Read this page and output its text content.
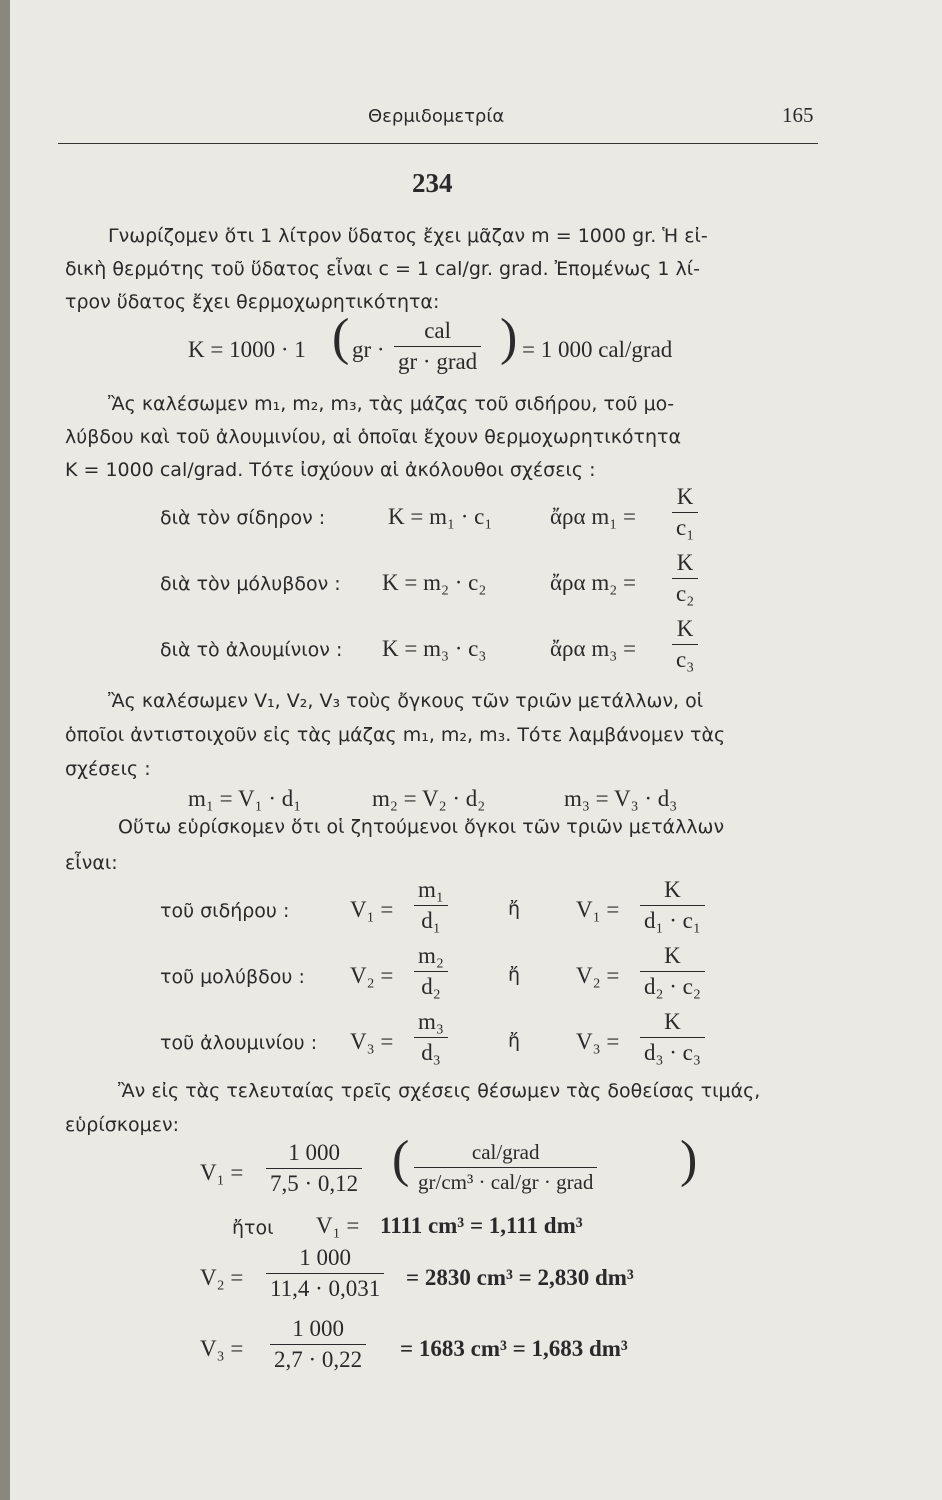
Θερμιδομετρία	165
234
Γνωρίζομεν ὅτι 1 λίτρον ὕδατος ἔχει μᾶζαν m = 1000 gr. Ἡ εἰ-
δικὴ θερμότης τοῦ ὕδατος εἶναι c = 1 cal/gr. grad. Ἐπομένως 1 λί-
τρον ὕδατος ἔχει θερμοχωρητικότητα:
K = 1000 · 1 ( gr ·
cal
gr · grad ) = 1 000 cal/grad
Ἂς καλέσωμεν m₁, m₂, m₃, τὰς μάζας τοῦ σιδήρου, τοῦ μο-
λύβδου καὶ τοῦ ἀλουμινίου, αἱ ὁποῖαι ἔχουν θερμοχωρητικότητα
K = 1000 cal/grad. Τότε ἰσχύουν αἱ ἀκόλουθοι σχέσεις :
διὰ τὸν σίδηρον :	K = m₁ · c₁	ἄρα $m_1 = \frac{K}{\text{c₁}}$
διὰ τὸν μόλυβδον : K = m₂ · c₂	ἄρα $m_2 = \frac{K}{\text{c₂}}$
διὰ τὸ ἀλουμίνιον : K = m₃ · c₃	ἄρα $m_3 = \frac{K}{\text{c₃}}$
Ἂς καλέσωμεν V₁, V₂, V₃ τοὺς ὄγκους τῶν τριῶν μετάλλων, οἱ
ὁποῖοι ἀντιστοιχοῦν εἰς τὰς μάζας m₁, m₂, m₃. Τότε λαμβάνομεν τὰς
σχέσεις :
m₁ = V₁ · d₁	m₂ = V₂ · d₂	m₃ = V₃ · d₃
Οὕτω εὑρίσκομεν ὅτι οἱ ζητούμενοι ὄγκοι τῶν τριῶν μετάλλων
εἶναι:
τοῦ σιδήρου :	$V_1 = \frac{\text{m₁}}{\text{d₁}}$	ἤ $V_1 = \frac{K}{\text{d₁ · c₁}}$
τοῦ μολύβδου : $V_2 = \frac{\text{m₂}}{\text{d₂}}$	ἤ $V_2 = \frac{K}{\text{d₂ · c₂}}$
τοῦ ἀλουμινίου : $V_3 = \frac{\text{m₃}}{\text{d₃}}$	ἤ $V_3 = \frac{K}{\text{d₃ · c₃}}$
Ἂν εἰς τὰς τελευταίας τρεῖς σχέσεις θέσωμεν τὰς δοθείσας τιμάς,
εὑρίσκομεν:
$V_1 = \frac{1 000}{7,5 \cdot 0,12}$ (	cal/grad
gr/cm³ · cal/gr · grad )
ἤτοι V₁ = 1111 cm³ = 1,111 dm³
$V_2 = \frac{1 000}{11,4 \cdot 0,031} = 2830$ cm³ = 2,830 dm³
$V_3 = \frac{1 000}{2,7 \cdot 0,22} = 1683$ cm³ = 1,683 dm³
